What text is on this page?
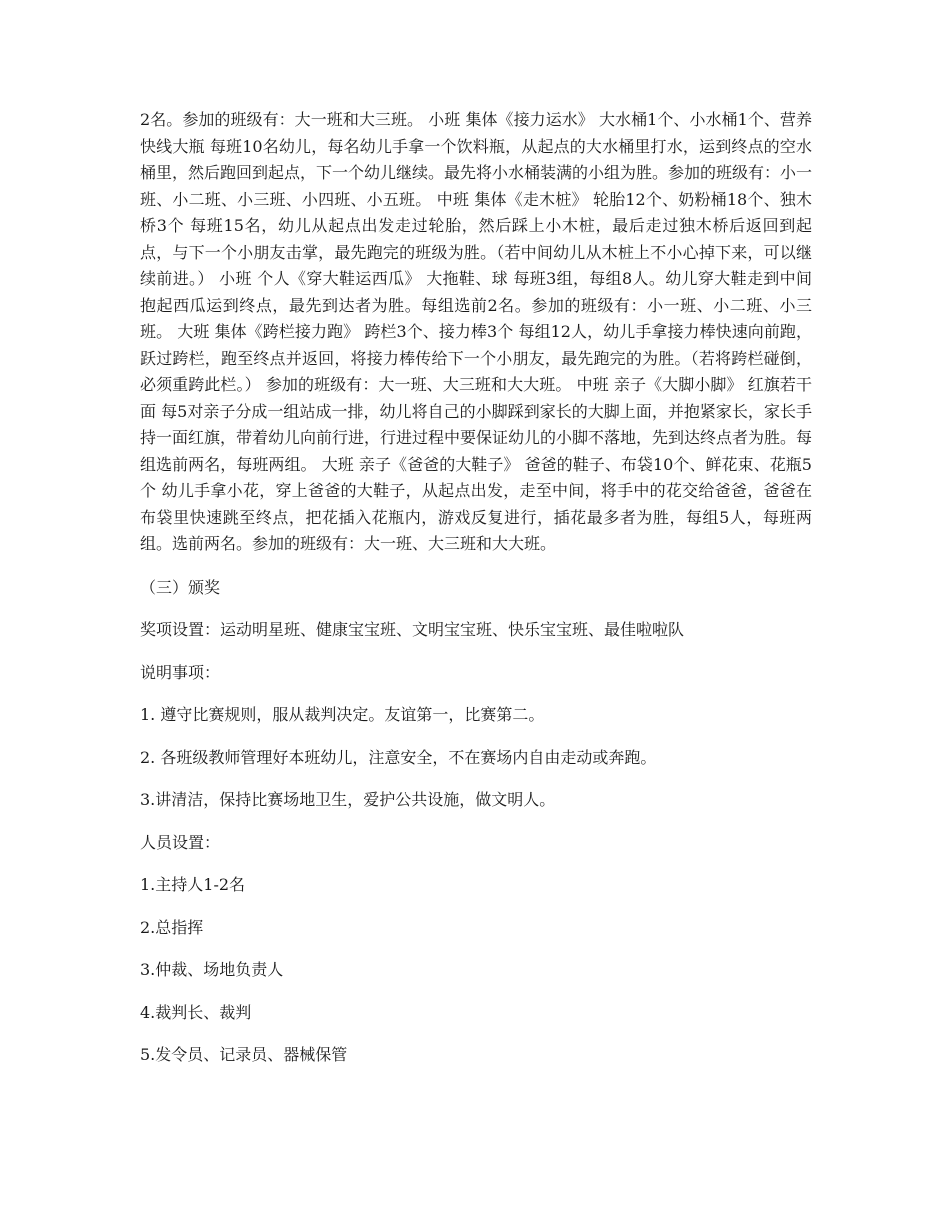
2名。参加的班级有：大一班和大三班。 小班 集体《接力运水》 大水桶1个、小水桶1个、营养快线大瓶 每班10名幼儿，每名幼儿手拿一个饮料瓶，从起点的大水桶里打水，运到终点的空水桶里，然后跑回到起点，下一个幼儿继续。最先将小水桶装满的小组为胜。参加的班级有：小一班、小二班、小三班、小四班、小五班。 中班 集体《走木桩》 轮胎12个、奶粉桶18个、独木桥3个 每班15名，幼儿从起点出发走过轮胎，然后踩上小木桩，最后走过独木桥后返回到起点，与下一个小朋友击掌，最先跑完的班级为胜。（若中间幼儿从木桩上不小心掉下来，可以继续前进。） 小班 个人《穿大鞋运西瓜》 大拖鞋、球 每班3组，每组8人。幼儿穿大鞋走到中间抱起西瓜运到终点，最先到达者为胜。每组选前2名。参加的班级有：小一班、小二班、小三班。 大班 集体《跨栏接力跑》 跨栏3个、接力棒3个 每组12人，幼儿手拿接力棒快速向前跑，跃过跨栏，跑至终点并返回，将接力棒传给下一个小朋友，最先跑完的为胜。（若将跨栏碰倒，必须重跨此栏。） 参加的班级有：大一班、大三班和大大班。 中班 亲子《大脚小脚》 红旗若干面 每5对亲子分成一组站成一排，幼儿将自己的小脚踩到家长的大脚上面，并抱紧家长，家长手持一面红旗，带着幼儿向前行进，行进过程中要保证幼儿的小脚不落地，先到达终点者为胜。每组选前两名，每班两组。 大班 亲子《爸爸的大鞋子》 爸爸的鞋子、布袋10个、鲜花束、花瓶5个 幼儿手拿小花，穿上爸爸的大鞋子，从起点出发，走至中间，将手中的花交给爸爸，爸爸在布袋里快速跳至终点，把花插入花瓶内，游戏反复进行，插花最多者为胜，每组5人，每班两组。选前两名。参加的班级有：大一班、大三班和大大班。

（三）颁奖

奖项设置：运动明星班、健康宝宝班、文明宝宝班、快乐宝宝班、最佳啦啦队

说明事项：

1. 遵守比赛规则，服从裁判决定。友谊第一，比赛第二。

2. 各班级教师管理好本班幼儿，注意安全，不在赛场内自由走动或奔跑。

3.讲清洁，保持比赛场地卫生，爱护公共设施，做文明人。

人员设置：

1.主持人1-2名

2.总指挥

3.仲裁、场地负责人

4.裁判长、裁判

5.发令员、记录员、器械保管
